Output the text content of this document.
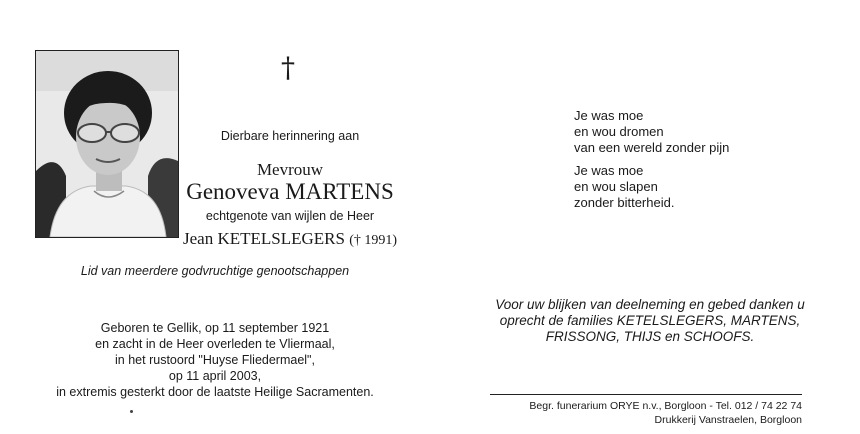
†
Dierbare herinnering aan
Mevrouw
Genoveva MARTENS
echtgenote van wijlen de Heer
Jean KETELSLEGERS († 1991)
Lid van meerdere godvruchtige genootschappen
Geboren te Gellik, op 11 september 1921
en zacht in de Heer overleden te Vliermaal,
in het rustoord "Huyse Fliedermael",
op 11 april 2003,
in extremis gesterkt door de laatste Heilige Sacramenten.
Je was moe
en wou dromen
van een wereld zonder pijn
Je was moe
en wou slapen
zonder bitterheid.
Voor uw blijken van deelneming en gebed danken u
oprecht de families KETELSLEGERS, MARTENS,
FRISSONG, THIJS en SCHOOFS.
Begr. funerarium ORYE n.v., Borgloon - Tel. 012 / 74 22 74
Drukkerij Vanstraelen, Borgloon
